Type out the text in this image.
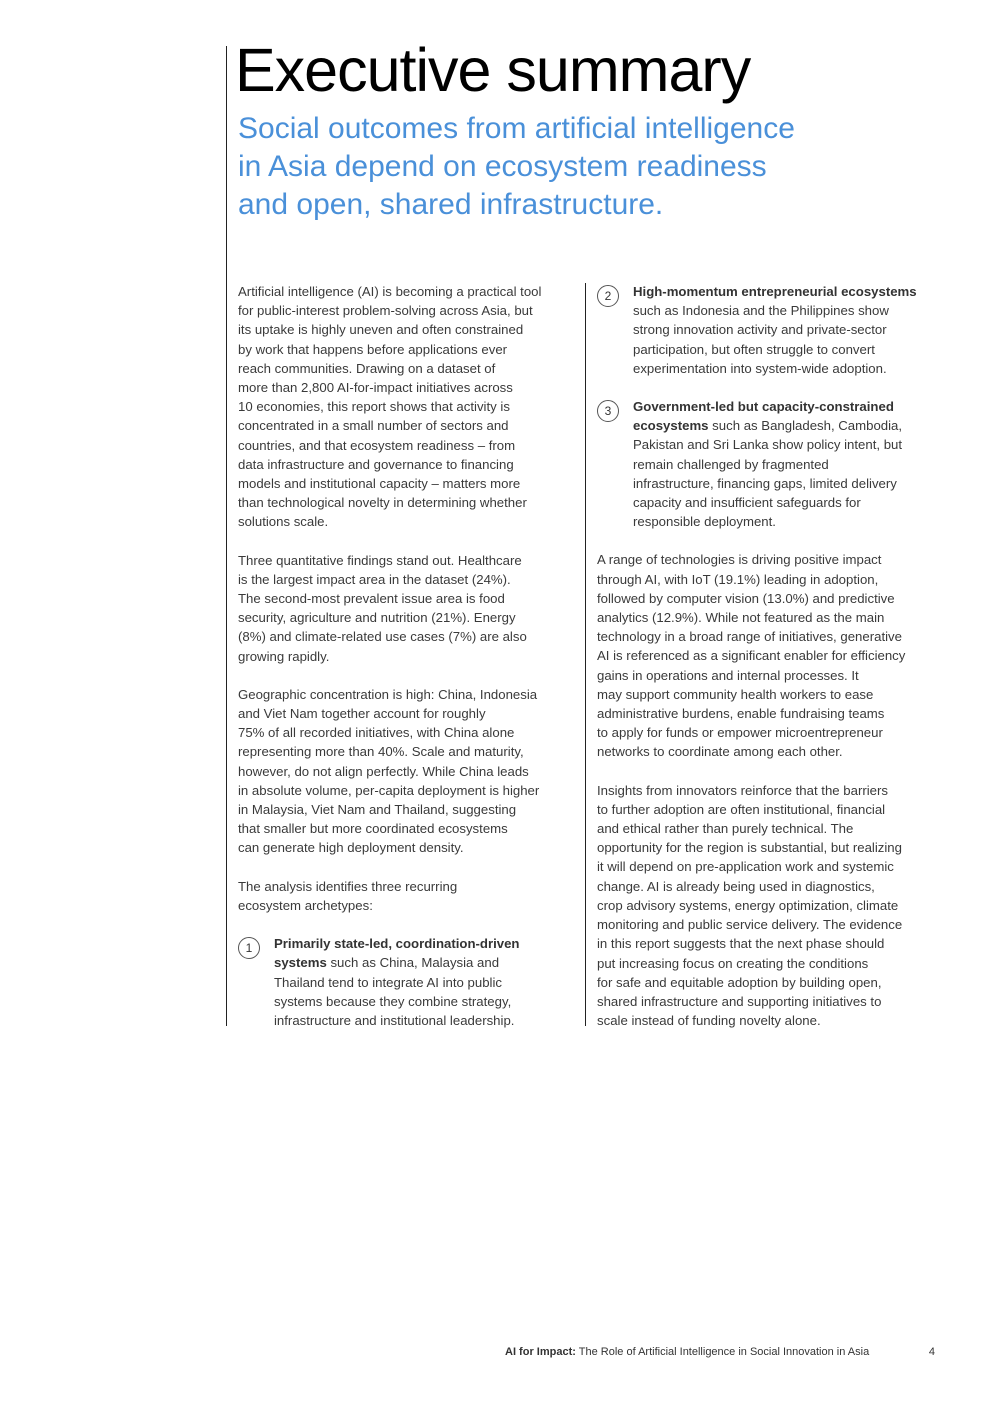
Executive summary
Social outcomes from artificial intelligence
in Asia depend on ecosystem readiness
and open, shared infrastructure.

Artificial intelligence (AI) is becoming a practical tool
for public-interest problem-solving across Asia, but
its uptake is highly uneven and often constrained
by work that happens before applications ever
reach communities. Drawing on a dataset of
more than 2,800 AI-for-impact initiatives across
10 economies, this report shows that activity is
concentrated in a small number of sectors and
countries, and that ecosystem readiness – from
data infrastructure and governance to financing
models and institutional capacity – matters more
than technological novelty in determining whether
solutions scale.

Three quantitative findings stand out. Healthcare
is the largest impact area in the dataset (24%).
The second-most prevalent issue area is food
security, agriculture and nutrition (21%). Energy
(8%) and climate-related use cases (7%) are also
growing rapidly.

Geographic concentration is high: China, Indonesia
and Viet Nam together account for roughly
75% of all recorded initiatives, with China alone
representing more than 40%. Scale and maturity,
however, do not align perfectly. While China leads
in absolute volume, per-capita deployment is higher
in Malaysia, Viet Nam and Thailand, suggesting
that smaller but more coordinated ecosystems
can generate high deployment density.

The analysis identifies three recurring
ecosystem archetypes:

1	Primarily state-led, coordination-driven
systems such as China, Malaysia and
Thailand tend to integrate AI into public
systems because they combine strategy,
infrastructure and institutional leadership.
2	High-momentum entrepreneurial ecosystems
such as Indonesia and the Philippines show
strong innovation activity and private-sector
participation, but often struggle to convert
experimentation into system-wide adoption.
3	Government-led but capacity-constrained
ecosystems such as Bangladesh, Cambodia,
Pakistan and Sri Lanka show policy intent, but
remain challenged by fragmented
infrastructure, financing gaps, limited delivery
capacity and insufficient safeguards for
responsible deployment.

A range of technologies is driving positive impact
through AI, with IoT (19.1%) leading in adoption,
followed by computer vision (13.0%) and predictive
analytics (12.9%). While not featured as the main
technology in a broad range of initiatives, generative
AI is referenced as a significant enabler for efficiency
gains in operations and internal processes. It
may support community health workers to ease
administrative burdens, enable fundraising teams
to apply for funds or empower microentrepreneur
networks to coordinate among each other.

Insights from innovators reinforce that the barriers
to further adoption are often institutional, financial
and ethical rather than purely technical. The
opportunity for the region is substantial, but realizing
it will depend on pre-application work and systemic
change. AI is already being used in diagnostics,
crop advisory systems, energy optimization, climate
monitoring and public service delivery. The evidence
in this report suggests that the next phase should
put increasing focus on creating the conditions
for safe and equitable adoption by building open,
shared infrastructure and supporting initiatives to
scale instead of funding novelty alone.

AI for Impact: The Role of Artificial Intelligence in Social Innovation in Asia	4
